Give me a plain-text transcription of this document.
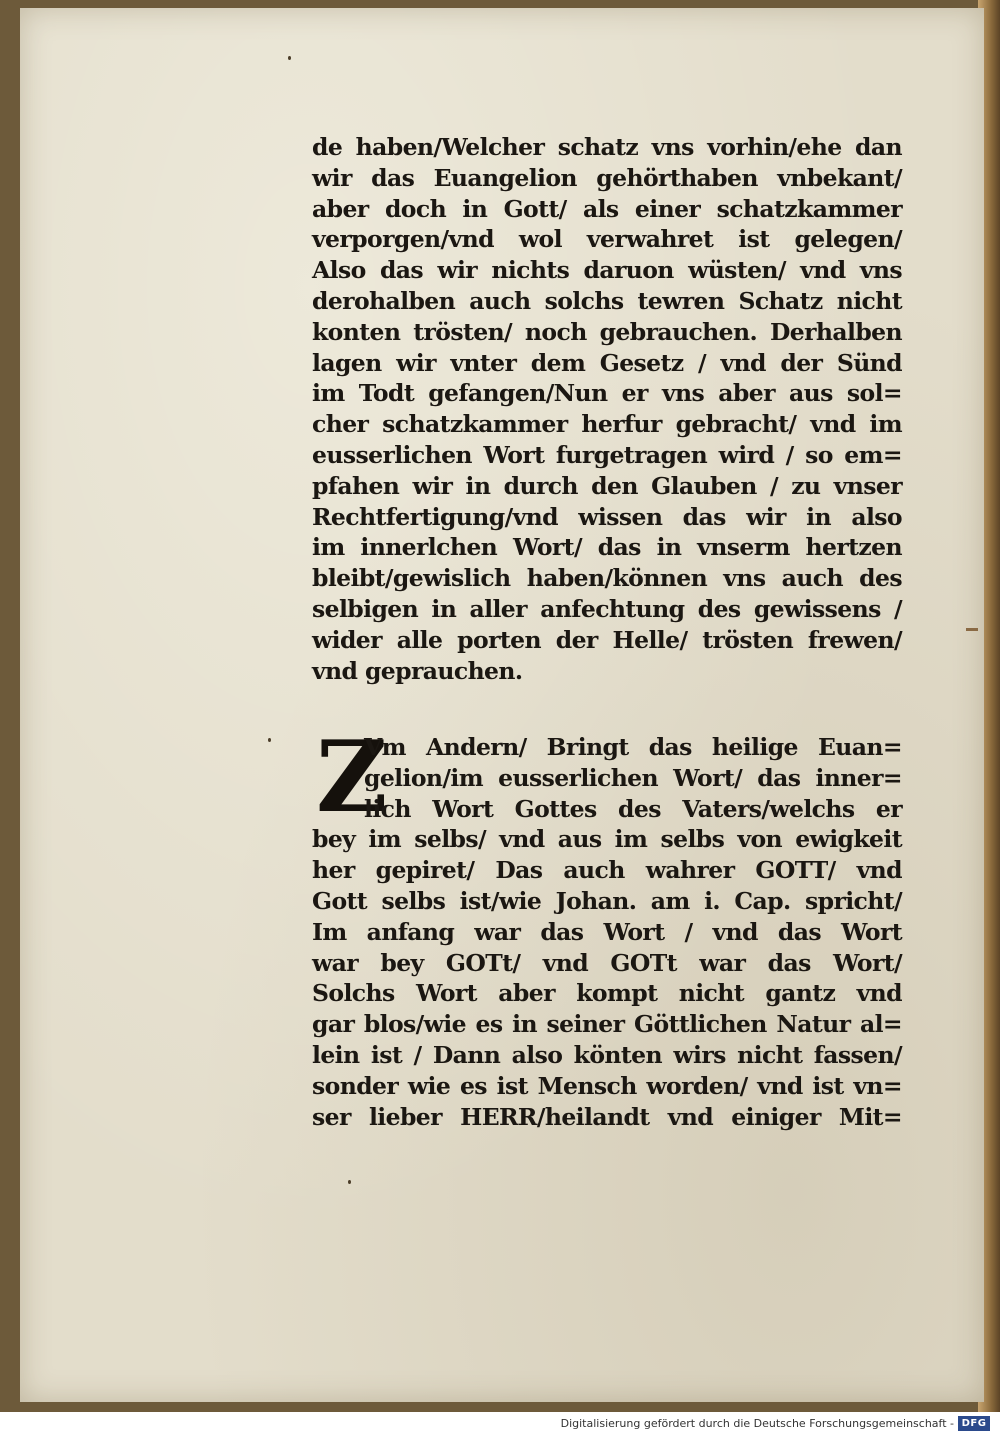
de haben/Welcher schatz vns vorhin/ehe dan
wir das Euangelion gehörthaben vnbekant/
aber doch in Gott/ als einer schatzkammer
verporgen/vnd wol verwahret ist gelegen/
Also das wir nichts daruon wüsten/ vnd vns
derohalben auch solchs tewren Schatz nicht
konten trösten/ noch gebrauchen. Derhalben
lagen wir vnter dem Gesetz / vnd der Sünd
im Todt gefangen/Nun er vns aber aus sol=
cher schatzkammer herfur gebracht/ vnd im
eusserlichen Wort furgetragen wird / so em=
pfahen wir in durch den Glauben / zu vnser
Rechtfertigung/vnd wissen das wir in also
im innerlchen Wort/ das in vnserm hertzen
bleibt/gewislich haben/können vns auch des
selbigen in aller anfechtung des gewissens /
wider alle porten der Helle/ trösten frewen/
vnd geprauchen.
Z
Vm Andern/ Bringt das heilige Euan=
gelion/im eusserlichen Wort/ das inner=
lich Wort Gottes des Vaters/welchs er
bey im selbs/ vnd aus im selbs von ewigkeit
her gepiret/ Das auch wahrer GOTT/ vnd
Gott selbs ist/wie Johan. am i. Cap. spricht/
Im anfang war das Wort / vnd das Wort
war bey GOTt/ vnd GOTt war das Wort/
Solchs Wort aber kompt nicht gantz vnd
gar blos/wie es in seiner Göttlichen Natur al=
lein ist / Dann also könten wirs nicht fassen/
sonder wie es ist Mensch worden/ vnd ist vn=
ser lieber HERR/heilandt vnd einiger Mit=
Digitalisierung gefördert durch die Deutsche Forschungsgemeinschaft - DFG
